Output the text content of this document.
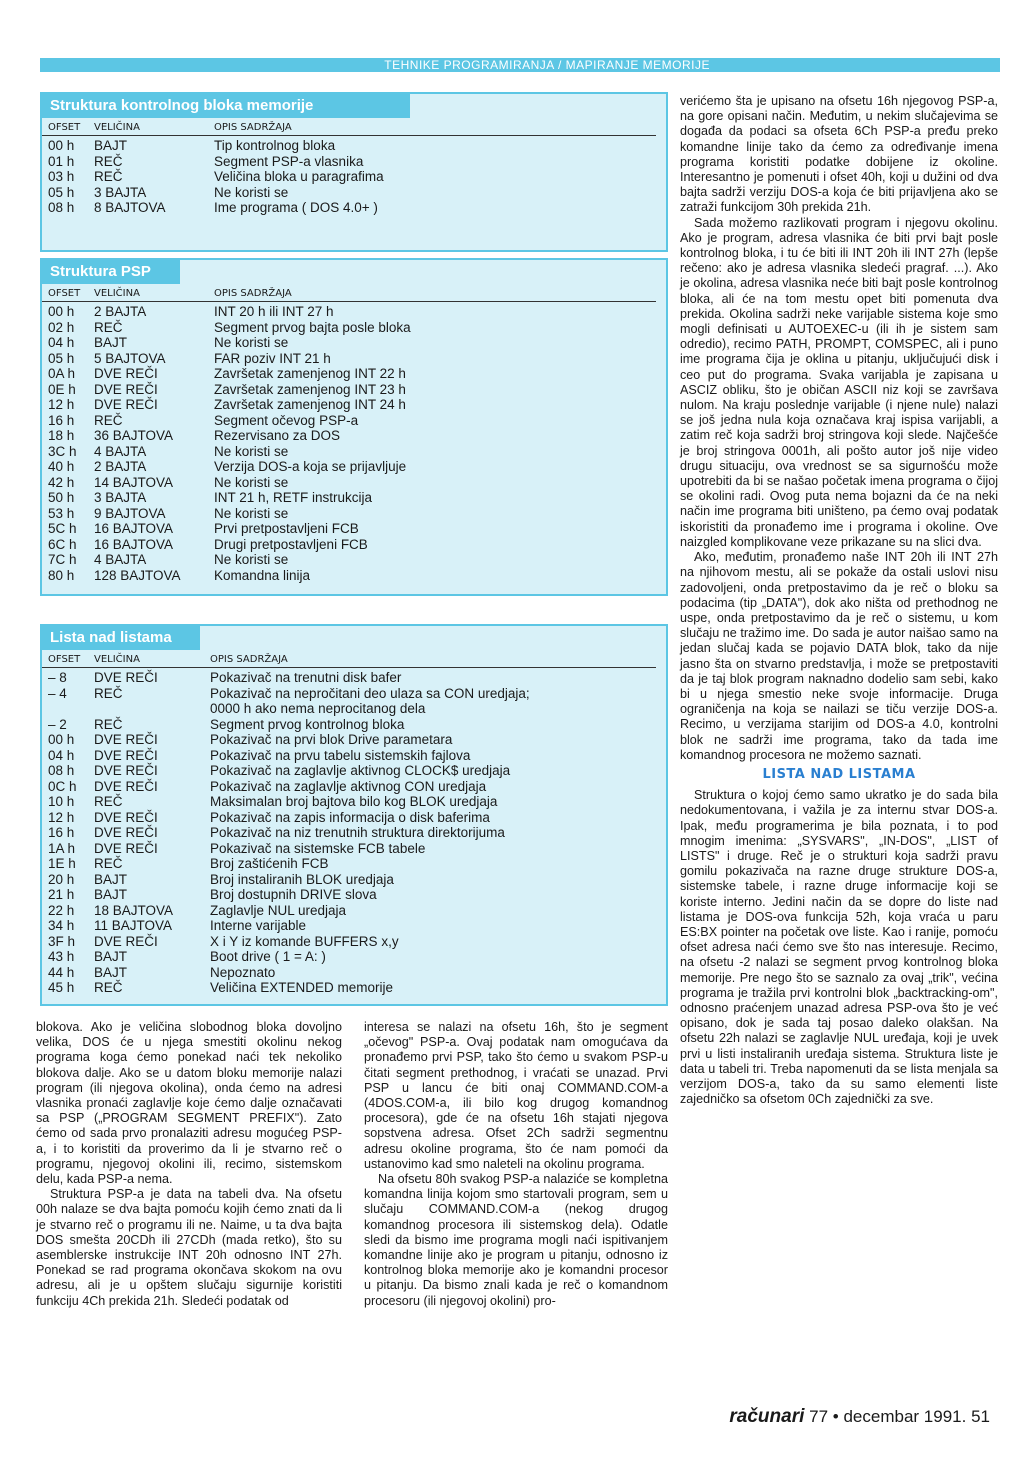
TEHNIKE PROGRAMIRANJA / MAPIRANJE MEMORIJE
Struktura kontrolnog bloka memorije
OFSET	VELIČINA	OPIS SADRŽAJA
00 h	BAJT	Tip kontrolnog bloka
01 h	REČ	Segment PSP-a vlasnika
03 h	REČ	Veličina bloka u paragrafima
05 h	3 BAJTA	Ne koristi se
08 h	8 BAJTOVA	Ime programa ( DOS 4.0+ )
Struktura PSP
OFSET	VELIČINA	OPIS SADRŽAJA
00 h	2 BAJTA	INT 20 h ili INT 27 h
02 h	REČ	Segment prvog bajta posle bloka
04 h	BAJT	Ne koristi se
05 h	5 BAJTOVA	FAR poziv INT 21 h
0A h	DVE REČI	Završetak zamenjenog INT 22 h
0E h	DVE REČI	Završetak zamenjenog INT 23 h
12 h	DVE REČI	Završetak zamenjenog INT 24 h
16 h	REČ	Segment očevog PSP-a
18 h	36 BAJTOVA	Rezervisano za DOS
3C h	4 BAJTA	Ne koristi se
40 h	2 BAJTA	Verzija DOS-a koja se prijavljuje
42 h	14 BAJTOVA	Ne koristi se
50 h	3 BAJTA	INT 21 h, RETF instrukcija
53 h	9 BAJTOVA	Ne koristi se
5C h	16 BAJTOVA	Prvi pretpostavljeni FCB
6C h	16 BAJTOVA	Drugi pretpostavljeni FCB
7C h	4 BAJTA	Ne koristi se
80 h	128 BAJTOVA	Komandna linija
Lista nad listama
OFSET	VELIČINA	OPIS SADRŽAJA
– 8	DVE REČI	Pokazivač na trenutni disk bafer
– 4	REČ	Pokazivač na nepročitani deo ulaza sa CON uredjaja;
0000 h ako nema neprocitanog dela
– 2	REČ	Segment prvog kontrolnog bloka
00 h	DVE REČI	Pokazivač na prvi blok Drive parametara
04 h	DVE REČI	Pokazivač na prvu tabelu sistemskih fajlova
08 h	DVE REČI	Pokazivač na zaglavlje aktivnog CLOCK$ uredjaja
0C h	DVE REČI	Pokazivač na zaglavlje aktivnog CON uredjaja
10 h	REČ	Maksimalan broj bajtova bilo kog BLOK uredjaja
12 h	DVE REČI	Pokazivač na zapis informacija o disk baferima
16 h	DVE REČI	Pokazivač na niz trenutnih struktura direktorijuma
1A h	DVE REČI	Pokazivač na sistemske FCB tabele
1E h	REČ	Broj zaštićenih FCB
20 h	BAJT	Broj instaliranih BLOK uredjaja
21 h	BAJT	Broj dostupnih DRIVE slova
22 h	18 BAJTOVA	Zaglavlje NUL uredjaja
34 h	11 BAJTOVA	Interne varijable
3F h	DVE REČI	X i Y iz komande BUFFERS x,y
43 h	BAJT	Boot drive ( 1 = A: )
44 h	BAJT	Nepoznato
45 h	REČ	Veličina EXTENDED memorije

verićemo šta je upisano na ofsetu 16h njegovog PSP-a, na gore opisani način. Međutim, u nekim slučajevima se događa da podaci sa ofseta 6Ch PSP-a pređu preko komandne linije tako da ćemo za određivanje imena programa koristiti podatke dobijene iz okoline. Interesantno je pomenuti i ofset 40h, koji u dužini od dva bajta sadrži verziju DOS-a koja će biti prijavljena ako se zatraži funkcijom 30h prekida 21h.

Sada možemo razlikovati program i njegovu okolinu. Ako je program, adresa vlasnika će biti prvi bajt posle kontrolnog bloka, i tu će biti ili INT 20h ili INT 27h (lepše rečeno: ako je adresa vlasnika sledeći pragraf. ...). Ako je okolina, adresa vlasnika neće biti bajt posle kontrolnog bloka, ali će na tom mestu opet biti pomenuta dva prekida. Okolina sadrži neke varijable sistema koje smo mogli definisati u AUTOEXEC-u (ili ih je sistem sam odredio), recimo PATH, PROMPT, COMSPEC, ali i puno ime programa čija je oklina u pitanju, uključujući disk i ceo put do programa. Svaka varijabla je zapisana u ASCIZ obliku, što je običan ASCII niz koji se završava nulom. Na kraju poslednje varijable (i njene nule) nalazi se još jedna nula koja označava kraj ispisa varijabli, a zatim reč koja sadrži broj stringova koji slede. Najčešće je broj stringova 0001h, ali pošto autor još nije video drugu situaciju, ova vrednost se sa sigurnošću može upotrebiti da bi se našao početak imena programa o čijoj se okolini radi. Ovog puta nema bojazni da će na neki način ime programa biti uništeno, pa ćemo ovaj podatak iskoristiti da pronađemo ime i programa i okoline. Ove naizgled komplikovane veze prikazane su na slici dva.

Ako, međutim, pronađemo naše INT 20h ili INT 27h na njihovom mestu, ali se pokaže da ostali uslovi nisu zadovoljeni, onda pretpostavimo da je reč o bloku sa podacima (tip „DATA"), dok ako ništa od prethodnog ne uspe, onda pretpostavimo da je reč o sistemu, u kom slučaju ne tražimo ime. Do sada je autor naišao samo na jedan slučaj kada se pojavio DATA blok, tako da nije jasno šta on stvarno predstavlja, i može se pretpostaviti da je taj blok program naknadno dodelio sam sebi, kako bi u njega smestio neke svoje informacije. Druga ograničenja na koja se nailazi se tiču verzije DOS-a. Recimo, u verzijama starijim od DOS-a 4.0, kontrolni blok ne sadrži ime programa, tako da tada ime komandnog procesora ne možemo saznati.

LISTA NAD LISTAMA

Struktura o kojoj ćemo samo ukratko je do sada bila nedokumentovana, i važila je za internu stvar DOS-a. Ipak, među programerima je bila poznata, i to pod mnogim imenima: „SYSVARS", „IN-DOS", „LIST of LISTS" i druge. Reč je o strukturi koja sadrži pravu gomilu pokazivača na razne druge strukture DOS-a, sistemske tabele, i razne druge informacije koji se koriste interno. Jedini način da se dopre do liste nad listama je DOS-ova funkcija 52h, koja vraća u paru ES:BX pointer na početak ove liste. Kao i ranije, pomoću ofset adresa naći ćemo sve što nas interesuje. Recimo, na ofsetu -2 nalazi se segment prvog kontrolnog bloka memorije. Pre nego što se saznalo za ovaj „trik", većina programa je tražila prvi kontrolni blok „backtracking-om", odnosno praćenjem unazad adresa PSP-ova što je već opisano, dok je sada taj posao daleko olakšan. Na ofsetu 22h nalazi se zaglavlje NUL uređaja, koji je uvek prvi u listi instaliranih uređaja sistema. Struktura liste je data u tabeli tri. Treba napomenuti da se lista menjala sa verzijom DOS-a, tako da su samo elementi liste zajedničko sa ofsetom 0Ch zajednički za sve.

blokova. Ako je veličina slobodnog bloka dovoljno velika, DOS će u njega smestiti okolinu nekog programa koga ćemo ponekad naći tek nekoliko blokova dalje. Ako se u datom bloku memorije nalazi program (ili njegova okolina), onda ćemo na adresi vlasnika pronaći zaglavlje koje ćemo dalje označavati sa PSP („PROGRAM SEGMENT PREFIX"). Zato ćemo od sada prvo pronalaziti adresu mogućeg PSP-a, i to koristiti da proverimo da li je stvarno reč o programu, njegovoj okolini ili, recimo, sistemskom delu, kada PSP-a nema.

Struktura PSP-a je data na tabeli dva. Na ofsetu 00h nalaze se dva bajta pomoću kojih ćemo znati da li je stvarno reč o programu ili ne. Naime, u ta dva bajta DOS smešta 20CDh ili 27CDh (mada retko), što su asemblerske instrukcije INT 20h odnosno INT 27h. Ponekad se rad programa okončava skokom na ovu adresu, ali je u opštem slučaju sigurnije koristiti funkciju 4Ch prekida 21h. Sledeći podatak od

interesa se nalazi na ofsetu 16h, što je segment „očevog" PSP-a. Ovaj podatak nam omogućava da pronađemo prvi PSP, tako što ćemo u svakom PSP-u čitati segment prethodnog, i vraćati se unazad. Prvi PSP u lancu će biti onaj COMMAND.COM-a (4DOS.COM-a, ili bilo kog drugog komandnog procesora), gde će na ofsetu 16h stajati njegova sopstvena adresa. Ofset 2Ch sadrži segmentnu adresu okoline programa, što će nam pomoći da ustanovimo kad smo naleteli na okolinu programa.

Na ofsetu 80h svakog PSP-a nalaziće se kompletna komandna linija kojom smo startovali program, sem u slučaju COMMAND.COM-a (nekog drugog komandnog procesora ili sistemskog dela). Odatle sledi da bismo ime programa mogli naći ispitivanjem komandne linije ako je program u pitanju, odnosno iz kontrolnog bloka memorije ako je komandni procesor u pitanju. Da bismo znali kada je reč o komandnom procesoru (ili njegovoj okolini) pro-

računari 77 • decembar 1991. 51
